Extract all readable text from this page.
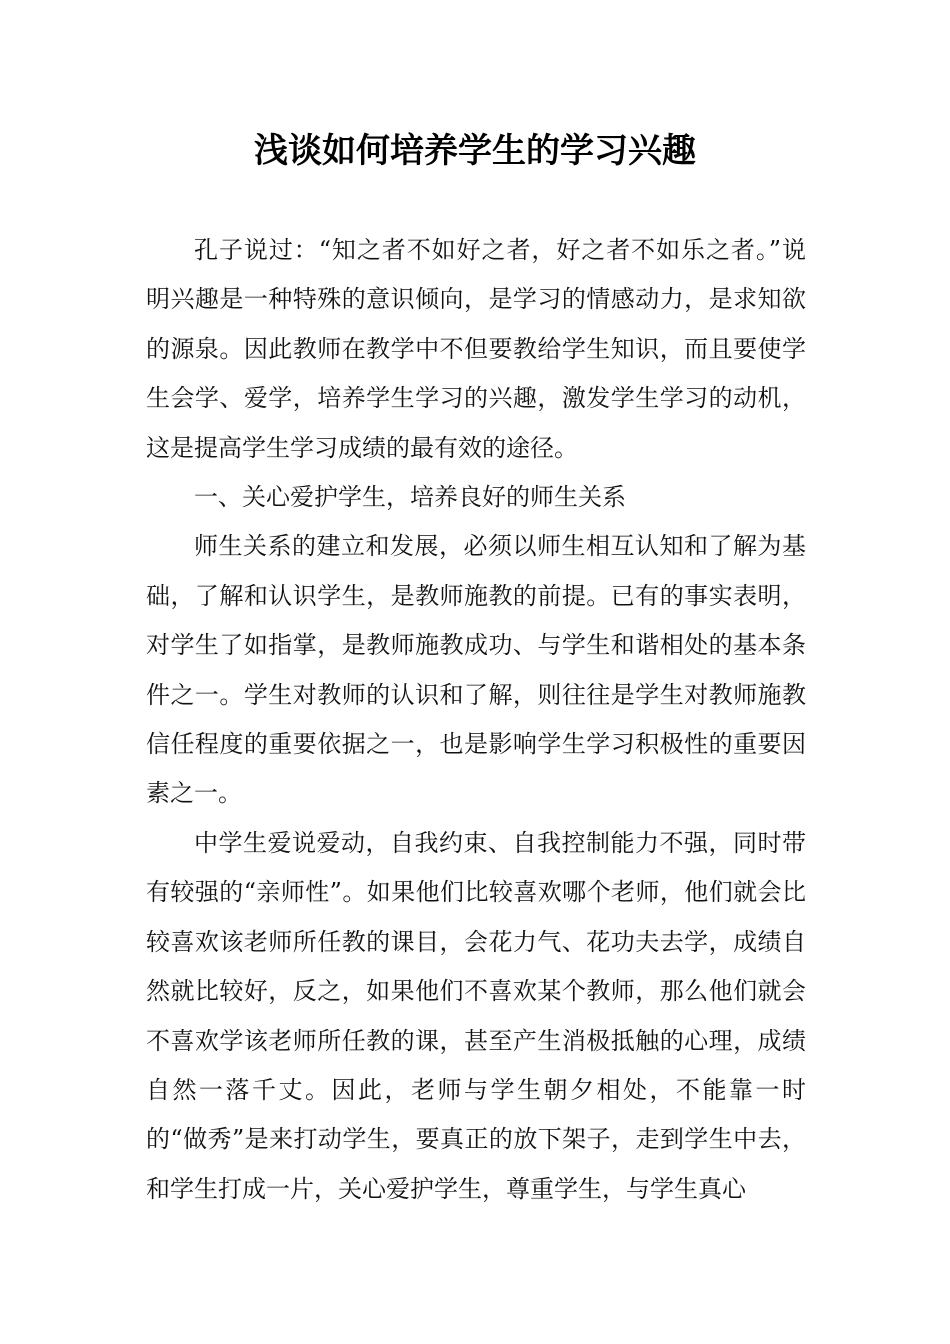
浅谈如何培养学生的学习兴趣

孔子说过：“知之者不如好之者，好之者不如乐之者。”说明兴趣是一种特殊的意识倾向，是学习的情感动力，是求知欲的源泉。因此教师在教学中不但要教给学生知识，而且要使学生会学、爱学，培养学生学习的兴趣，激发学生学习的动机，这是提高学生学习成绩的最有效的途径。

一、关心爱护学生，培养良好的师生关系

师生关系的建立和发展，必须以师生相互认知和了解为基础，了解和认识学生，是教师施教的前提。已有的事实表明，对学生了如指掌，是教师施教成功、与学生和谐相处的基本条件之一。学生对教师的认识和了解，则往往是学生对教师施教信任程度的重要依据之一，也是影响学生学习积极性的重要因素之一。

中学生爱说爱动，自我约束、自我控制能力不强，同时带有较强的“亲师性”。如果他们比较喜欢哪个老师，他们就会比较喜欢该老师所任教的课目，会花力气、花功夫去学，成绩自然就比较好，反之，如果他们不喜欢某个教师，那么他们就会不喜欢学该老师所任教的课，甚至产生消极抵触的心理，成绩自然一落千丈。因此，老师与学生朝夕相处，不能靠一时的“做秀”是来打动学生，要真正的放下架子，走到学生中去，和学生打成一片，关心爱护学生，尊重学生，与学生真心
